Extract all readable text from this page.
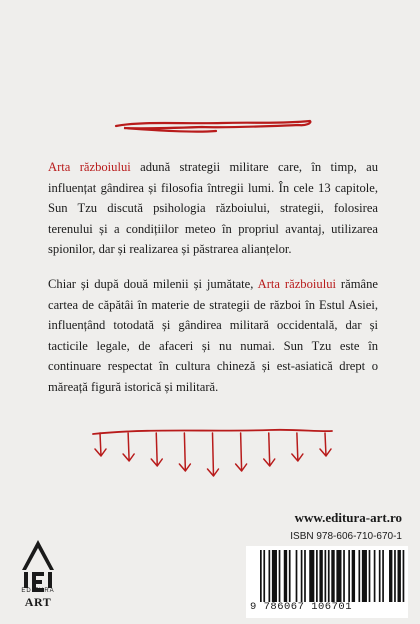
Arta războiului adună strategii militare care, în timp, au influențat gândirea și filosofia întregii lumi. În cele 13 capitole, Sun Tzu discută psihologia războiului, strategii, folosirea terenului și a condițiilor meteo în propriul avantaj, utilizarea spionilor, dar și realizarea și păstrarea alianțelor.

Chiar și după două milenii și jumătate, Arta războiului rămâne cartea de căpătâi în materie de strategii de război în Estul Asiei, influențând totodată și gândirea militară occidentală, dar și tacticile legale, de afaceri și nu numai. Sun Tzu este în continuare respectat în cultura chineză și est-asiatică drept o măreață figură istorică și militară.

EDITURA
ART
www.editura-art.ro
ISBN 978-606-710-670-1
9 786067 106701
